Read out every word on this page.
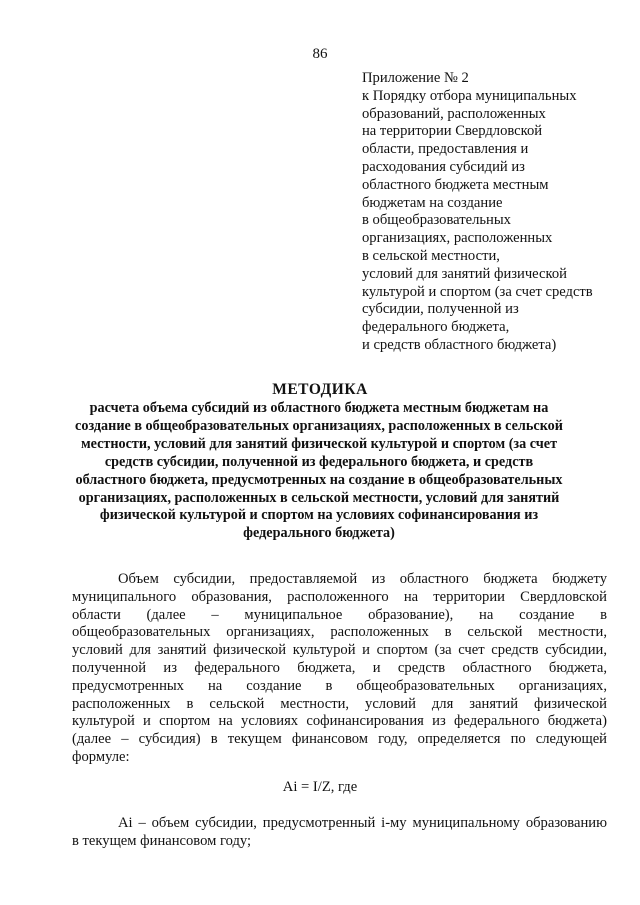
86
Приложение № 2
к Порядку отбора муниципальных
образований, расположенных
на территории Свердловской
области, предоставления и
расходования субсидий из
областного бюджета местным
бюджетам на создание
в общеобразовательных
организациях, расположенных
в сельской местности,
условий для занятий физической
культурой и спортом (за счет средств
субсидии, полученной из
федерального бюджета,
и средств областного бюджета)
МЕТОДИКА
расчета объема субсидий из областного бюджета местным бюджетам на
создание в общеобразовательных организациях, расположенных в сельской
местности, условий для занятий физической культурой и спортом (за счет
средств субсидии, полученной из федерального бюджета, и средств
областного бюджета, предусмотренных на создание в общеобразовательных
организациях, расположенных в сельской местности, условий для занятий
физической культурой и спортом на условиях софинансирования из
федерального бюджета)
Объем субсидии, предоставляемой из областного бюджета бюджету
муниципального образования, расположенного на территории Свердловской
области (далее – муниципальное образование), на создание в
общеобразовательных организациях, расположенных в сельской местности,
условий для занятий физической культурой и спортом (за счет средств субсидии,
полученной из федерального бюджета, и средств областного бюджета,
предусмотренных на создание в общеобразовательных организациях,
расположенных в сельской местности, условий для занятий физической
культурой и спортом на условиях софинансирования из федерального бюджета)
(далее – субсидия) в текущем финансовом году, определяется по следующей
формуле:
Ai = I/Z, где
Ai – объем субсидии, предусмотренный i-му муниципальному образованию
в текущем финансовом году;
